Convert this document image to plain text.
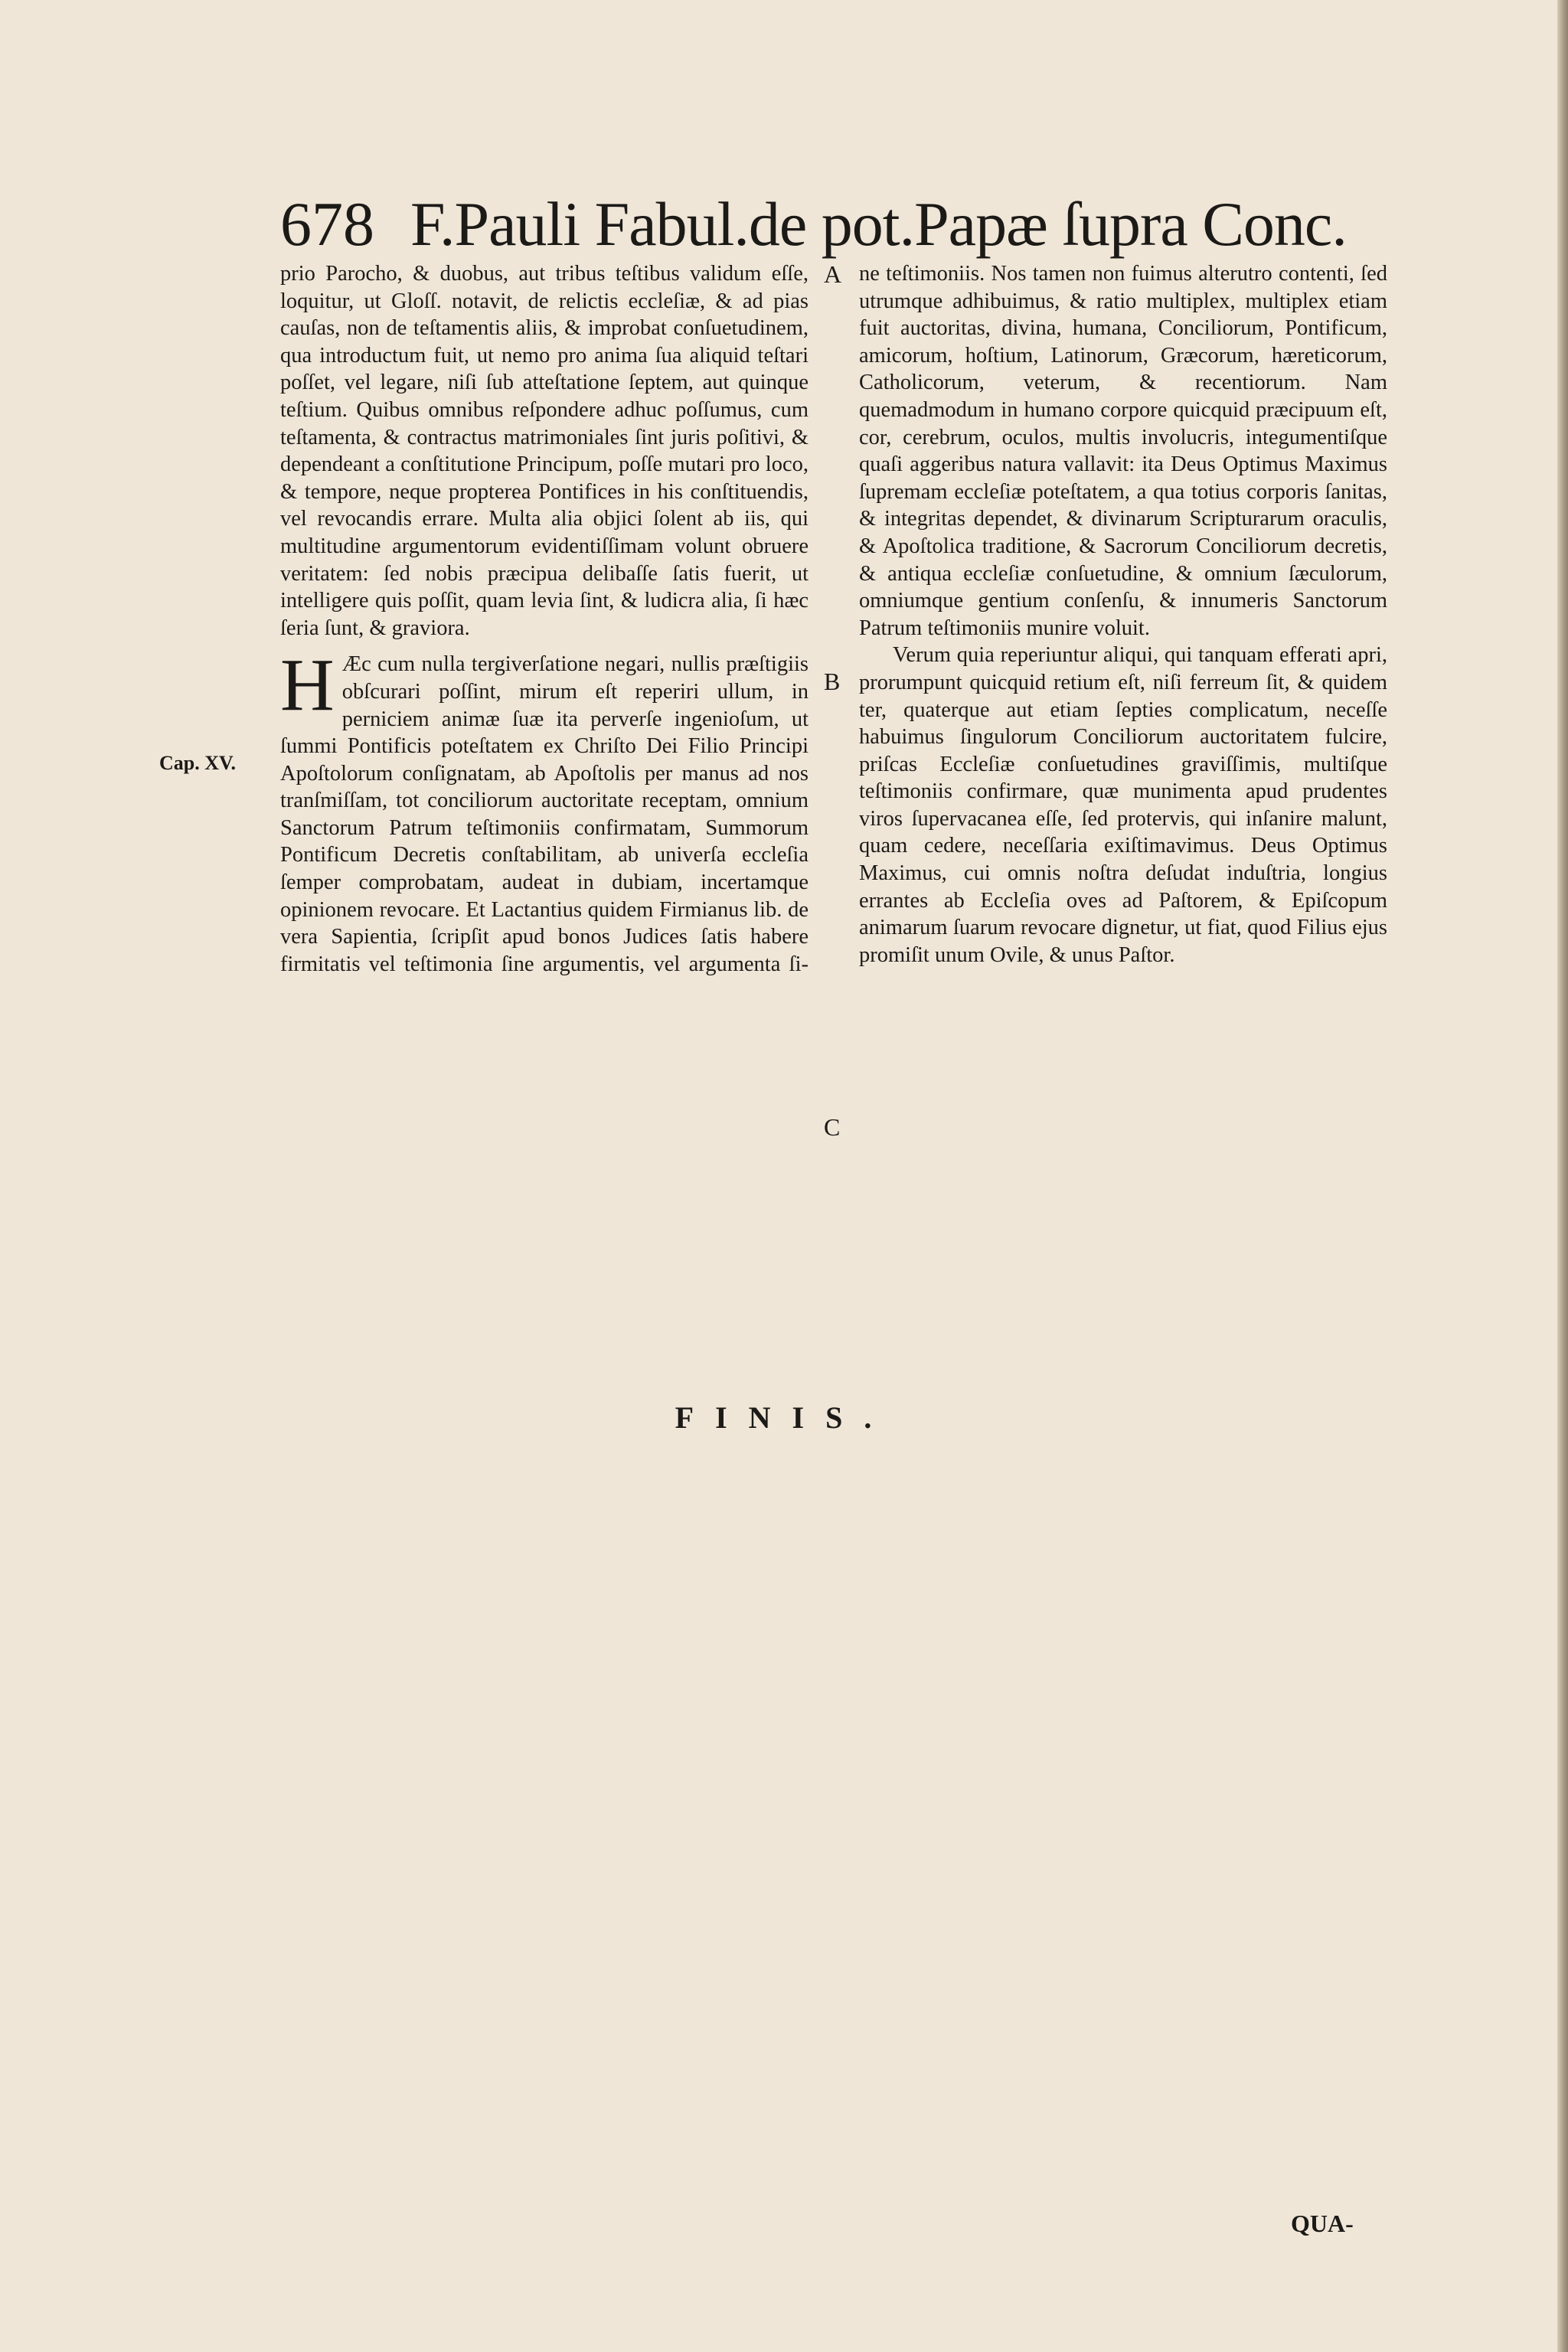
678 F.Pauli Fabul.de pot.Papæ ſupra Conc.
Cap. XV.
A
B
C

prio Parocho, & duobus, aut tribus teſtibus validum eſſe, loquitur, ut Gloſſ. notavit, de relictis eccleſiæ, & ad pias cauſas, non de teſtamentis aliis, & improbat conſuetudinem, qua introductum fuit, ut nemo pro anima ſua aliquid teſtari poſſet, vel legare, niſi ſub atteſtatione ſeptem, aut quinque teſtium. Quibus omnibus reſpondere adhuc poſſumus, cum teſtamenta, & contractus matrimoniales ſint juris poſitivi, & dependeant a conſtitutione Principum, poſſe mutari pro loco, & tempore, neque propterea Pontifices in his conſtituendis, vel revocandis errare. Multa alia objici ſolent ab iis, qui multitudine argumentorum evidentiſſimam volunt obruere veritatem: ſed nobis præcipua delibaſſe ſatis fuerit, ut intelligere quis poſſit, quam levia ſint, & ludicra alia, ſi hæc ſeria ſunt, & graviora.

H Æc cum nulla tergiverſatione negari, nullis præſtigiis obſcurari poſſint, mirum eſt reperiri ullum, in perniciem animæ ſuæ ita perverſe ingenioſum, ut ſummi Pontificis poteſtatem ex Chriſto Dei Filio Principi Apoſtolorum conſignatam, ab Apoſtolis per manus ad nos tranſmiſſam, tot conciliorum auctoritate receptam, omnium Sanctorum Patrum teſtimoniis confirmatam, Summorum Pontificum Decretis conſtabilitam, ab univerſa eccleſia ſemper comprobatam, audeat in dubiam, incertamque opinionem revocare. Et Lactantius quidem Firmianus lib. de vera Sapientia, ſcripſit apud bonos Judices ſatis habere firmitatis vel teſtimonia ſine argumentis, vel argumenta ſi-

ne teſtimoniis. Nos tamen non fuimus alterutro contenti, ſed utrumque adhibuimus, & ratio multiplex, multiplex etiam fuit auctoritas, divina, humana, Conciliorum, Pontificum, amicorum, hoſtium, Latinorum, Græcorum, hæreticorum, Catholicorum, veterum, & recentiorum. Nam quemadmodum in humano corpore quicquid præcipuum eſt, cor, cerebrum, oculos, multis involucris, integumentiſque quaſi aggeribus natura vallavit: ita Deus Optimus Maximus ſupremam eccleſiæ poteſtatem, a qua totius corporis ſanitas, & integritas dependet, & divinarum Scripturarum oraculis, & Apoſtolica traditione, & Sacrorum Conciliorum decretis, & antiqua eccleſiæ conſuetudine, & omnium ſæculorum, omniumque gentium conſenſu, & innumeris Sanctorum Patrum teſtimoniis munire voluit.

Verum quia reperiuntur aliqui, qui tanquam efferati apri, prorumpunt quicquid retium eſt, niſi ferreum ſit, & quidem ter, quaterque aut etiam ſepties complicatum, neceſſe habuimus ſingulorum Conciliorum auctoritatem fulcire, priſcas Eccleſiæ conſuetudines graviſſimis, multiſque teſtimoniis confirmare, quæ munimenta apud prudentes viros ſupervacanea eſſe, ſed protervis, qui inſanire malunt, quam cedere, neceſſaria exiſtimavimus. Deus Optimus Maximus, cui omnis noſtra deſudat induſtria, longius errantes ab Eccleſia oves ad Paſtorem, & Epiſcopum animarum ſuarum revocare dignetur, ut fiat, quod Filius ejus promiſit unum Ovile, & unus Paſtor.

FINIS.
QUA-
